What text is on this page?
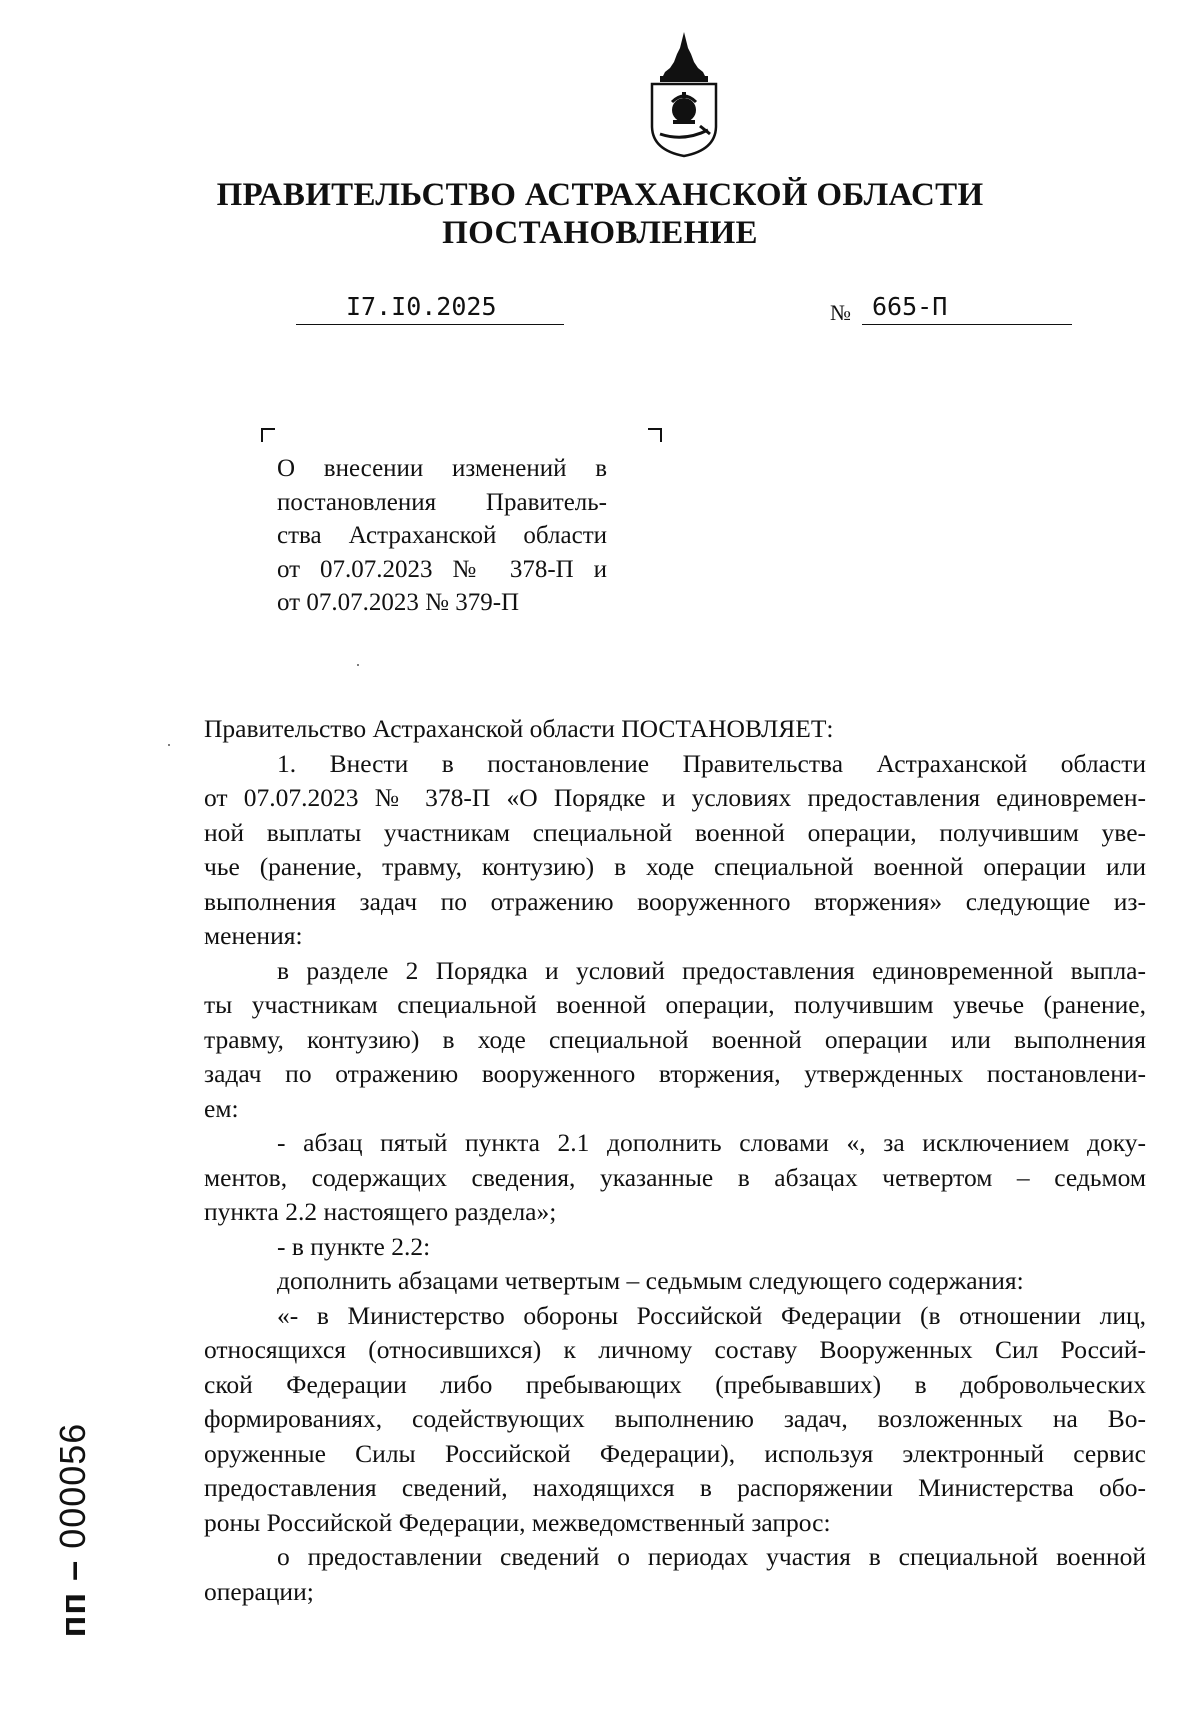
ПРАВИТЕЛЬСТВО АСТРАХАНСКОЙ ОБЛАСТИ
ПОСТАНОВЛЕНИЕ
I7.I0.2025	№ 665-П
О внесении изменений в
постановления Правитель-
ства Астраханской области
от 07.07.2023 № 378-П и
от 07.07.2023 № 379-П
Правительство Астраханской области ПОСТАНОВЛЯЕТ:
1. Внести в постановление Правительства Астраханской области
от 07.07.2023 № 378-П «О Порядке и условиях предоставления единовремен-
ной выплаты участникам специальной военной операции, получившим уве-
чье (ранение, травму, контузию) в ходе специальной военной операции или
выполнения задач по отражению вооруженного вторжения» следующие из-
менения:
в разделе 2 Порядка и условий предоставления единовременной выпла-
ты участникам специальной военной операции, получившим увечье (ранение,
травму, контузию) в ходе специальной военной операции или выполнения
задач по отражению вооруженного вторжения, утвержденных постановлени-
ем:
- абзац пятый пункта 2.1 дополнить словами «, за исключением доку-
ментов, содержащих сведения, указанные в абзацах четвертом – седьмом
пункта 2.2 настоящего раздела»;
- в пункте 2.2:
дополнить абзацами четвертым – седьмым следующего содержания:
«- в Министерство обороны Российской Федерации (в отношении лиц,
относящихся (относившихся) к личному составу Вооруженных Сил Россий-
ской Федерации либо пребывающих (пребывавших) в добровольческих
формированиях, содействующих выполнению задач, возложенных на Во-
оруженные Силы Российской Федерации), используя электронный сервис
предоставления сведений, находящихся в распоряжении Министерства обо-
роны Российской Федерации, межведомственный запрос:
о предоставлении сведений о периодах участия в специальной военной
операции;
пп – 000056
